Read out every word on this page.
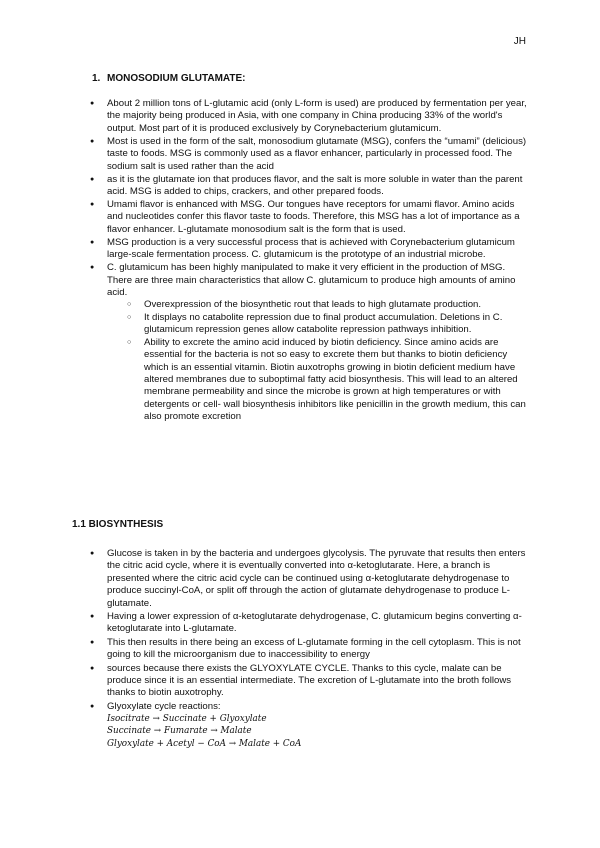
JH
1. MONOSODIUM GLUTAMATE:
● About 2 million tons of L-glutamic acid (only L-form is used) are produced by fermentation per year, the majority being produced in Asia, with one company in China producing 33% of the world's output. Most part of it is produced exclusively by Corynebacterium glutamicum.
● Most is used in the form of the salt, monosodium glutamate (MSG), confers the “umami” (delicious) taste to foods. MSG is commonly used as a flavor enhancer, particularly in processed food. The sodium salt is used rather than the acid
● as it is the glutamate ion that produces flavor, and the salt is more soluble in water than the parent acid. MSG is added to chips, crackers, and other prepared foods.
● Umami flavor is enhanced with MSG. Our tongues have receptors for umami flavor. Amino acids and nucleotides confer this flavor taste to foods. Therefore, this MSG has a lot of importance as a flavor enhancer. L-glutamate monosodium salt is the form that is used.
● MSG production is a very successful process that is achieved with Corynebacterium glutamicum large-scale fermentation process. C. glutamicum is the prototype of an industrial microbe.
● C. glutamicum has been highly manipulated to make it very efficient in the production of MSG. There are three main characteristics that allow C. glutamicum to produce high amounts of amino acid.
○ Overexpression of the biosynthetic rout that leads to high glutamate production.
○ It displays no catabolite repression due to final product accumulation. Deletions in C. glutamicum repression genes allow catabolite repression pathways inhibition.
○ Ability to excrete the amino acid induced by biotin deficiency. Since amino acids are essential for the bacteria is not so easy to excrete them but thanks to biotin deficiency which is an essential vitamin. Biotin auxotrophs growing in biotin deficient medium have altered membranes due to suboptimal fatty acid biosynthesis. This will lead to an altered membrane permeability and since the microbe is grown at high temperatures or with detergents or cell- wall biosynthesis inhibitors like penicillin in the growth medium, this can also promote excretion
1.1 BIOSYNTHESIS
● Glucose is taken in by the bacteria and undergoes glycolysis. The pyruvate that results then enters the citric acid cycle, where it is eventually converted into α-ketoglutarate. Here, a branch is presented where the citric acid cycle can be continued using α-ketoglutarate dehydrogenase to produce succinyl-CoA, or split off through the action of glutamate dehydrogenase to produce L-glutamate.
● Having a lower expression of α-ketoglutarate dehydrogenase, C. glutamicum begins converting α-ketoglutarate into L-glutamate.
● This then results in there being an excess of L-glutamate forming in the cell cytoplasm. This is not going to kill the microorganism due to inaccessibility to energy
● sources because there exists the GLYOXYLATE CYCLE. Thanks to this cycle, malate can be produce since it is an essential intermediate. The excretion of L-glutamate into the broth follows thanks to biotin auxotrophy.
● Glyoxylate cycle reactions:
Isocitrate → Succinate + Glyoxylate
Succinate → Fumarate → Malate
Glyoxylate + Acetyl − CoA → Malate + CoA
